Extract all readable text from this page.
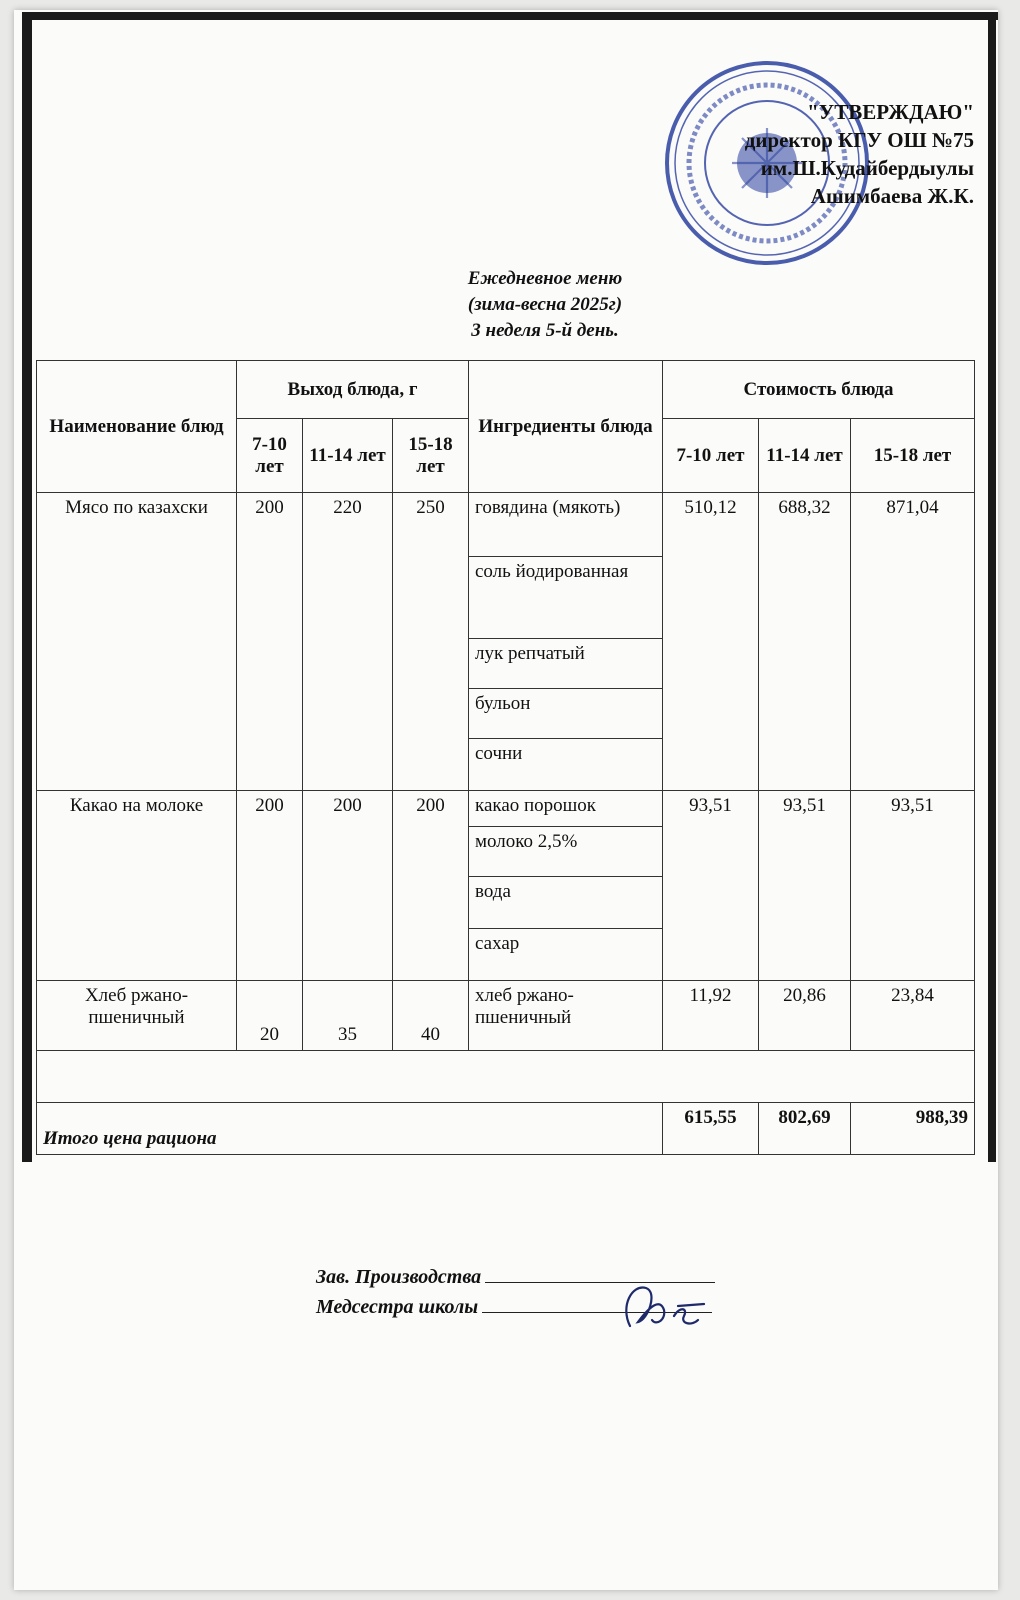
"УТВЕРЖДАЮ"
директор КГУ ОШ №75
им.Ш.Кудайбердыулы
Ашимбаева Ж.К.
Ежедневное меню
(зима-весна 2025г)
3 неделя 5-й день.
Наименование блюд	Выход блюда, г			Ингредиенты блюда	Стоимость блюда		
	7-10 лет	11-14 лет	15-18 лет		7-10 лет	11-14 лет	15-18 лет
Мясо по казахски	200	220	250	говядина (мякоть)	510,12	688,32	871,04
				соль йодированная			
				лук репчатый			
				бульон			
				сочни			
Какао на молоке	200	200	200	какао порошок	93,51	93,51	93,51
				молоко 2,5%			
				вода			
				сахар			
Хлеб ржано-пшеничный	20	35	40	хлеб ржано-пшеничный	11,92	20,86	23,84

Итого цена рациона					615,55	802,69	988,39
Зав. Производства
Медсестра школы
